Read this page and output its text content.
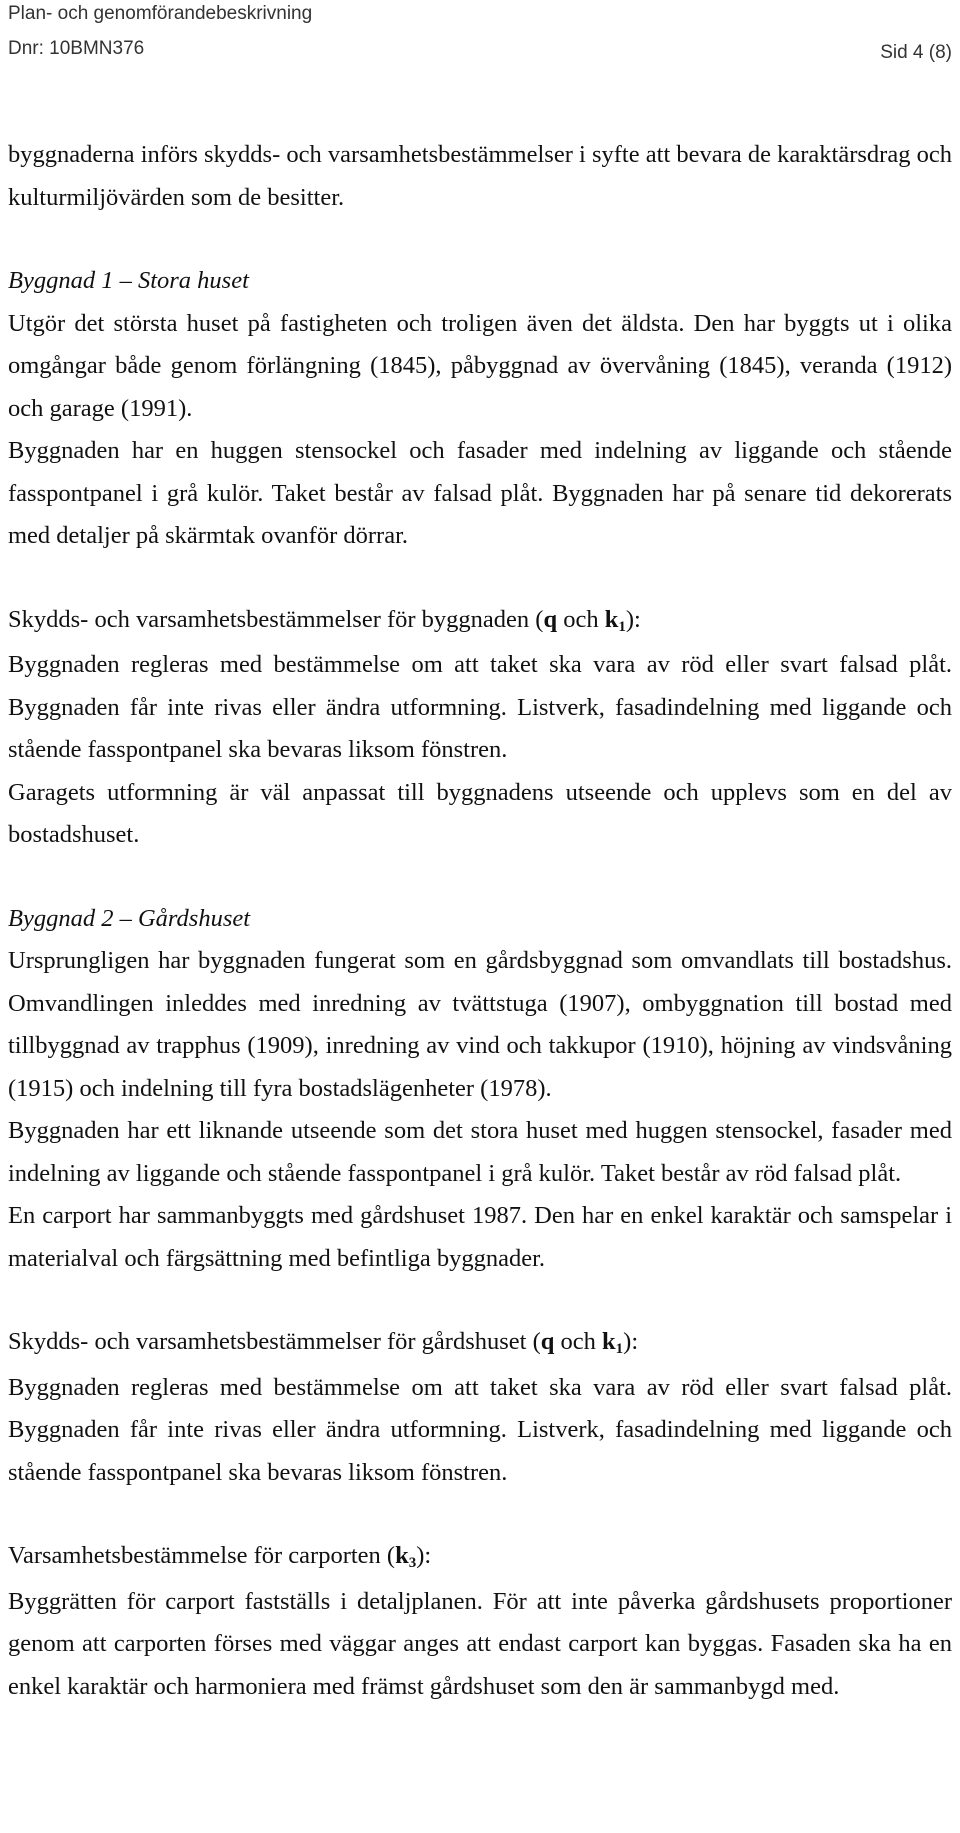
Plan- och genomförandebeskrivning
Dnr: 10BMN376	Sid 4 (8)

byggnaderna införs skydds- och varsamhetsbestämmelser i syfte att bevara de karaktärsdrag och kulturmiljövärden som de besitter.

Byggnad 1 – Stora huset

Utgör det största huset på fastigheten och troligen även det äldsta. Den har byggts ut i olika omgångar både genom förlängning (1845), påbyggnad av övervåning (1845), veranda (1912) och garage (1991).

Byggnaden har en huggen stensockel och fasader med indelning av liggande och stående fasspontpanel i grå kulör. Taket består av falsad plåt. Byggnaden har på senare tid dekorerats med detaljer på skärmtak ovanför dörrar.

Skydds- och varsamhetsbestämmelser för byggnaden (q och $k_1$):

Byggnaden regleras med bestämmelse om att taket ska vara av röd eller svart falsad plåt. Byggnaden får inte rivas eller ändra utformning. Listverk, fasadindelning med liggande och stående fasspontpanel ska bevaras liksom fönstren.

Garagets utformning är väl anpassat till byggnadens utseende och upplevs som en del av bostadshuset.

Byggnad 2 – Gårdshuset

Ursprungligen har byggnaden fungerat som en gårdsbyggnad som omvandlats till bostadshus. Omvandlingen inleddes med inredning av tvättstuga (1907), ombyggnation till bostad med tillbyggnad av trapphus (1909), inredning av vind och takkupor (1910), höjning av vindsvåning (1915) och indelning till fyra bostadslägenheter (1978).

Byggnaden har ett liknande utseende som det stora huset med huggen stensockel, fasader med indelning av liggande och stående fasspontpanel i grå kulör. Taket består av röd falsad plåt.

En carport har sammanbyggts med gårdshuset 1987. Den har en enkel karaktär och samspelar i materialval och färgsättning med befintliga byggnader.

Skydds- och varsamhetsbestämmelser för gårdshuset (q och $k_1$):

Byggnaden regleras med bestämmelse om att taket ska vara av röd eller svart falsad plåt. Byggnaden får inte rivas eller ändra utformning. Listverk, fasadindelning med liggande och stående fasspontpanel ska bevaras liksom fönstren.

Varsamhetsbestämmelse för carporten $(k_3)$:

Byggrätten för carport fastställs i detaljplanen. För att inte påverka gårdshusets proportioner genom att carporten förses med väggar anges att endast carport kan byggas. Fasaden ska ha en enkel karaktär och harmoniera med främst gårdshuset som den är sammanbygd med.
